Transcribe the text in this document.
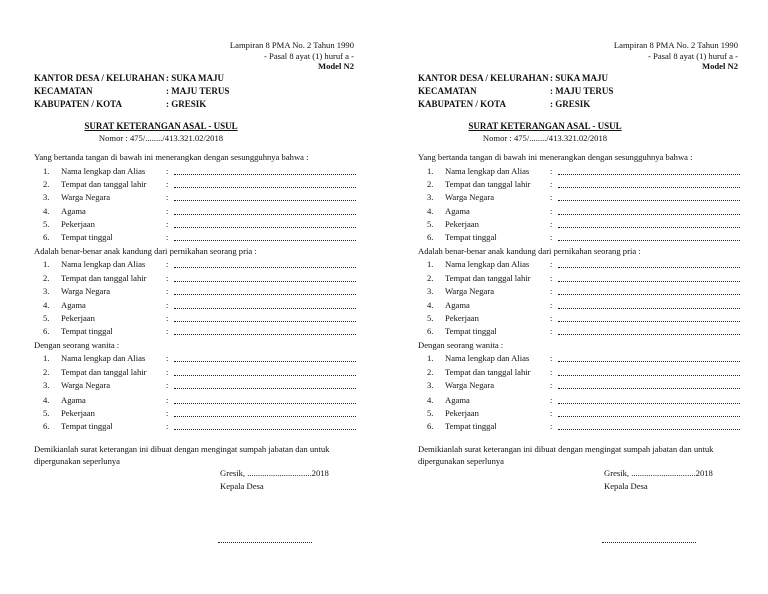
Lampiran 8 PMA No. 2 Tahun 1990
- Pasal 8 ayat (1) huruf a -
Model N2
KANTOR DESA / KELURAHAN: SUKA MAJU
KECAMATAN	: MAJU TERUS
KABUPATEN / KOTA	: GRESIK
SURAT KETERANGAN ASAL - USUL
Nomor : 475/......../413.321.02/2018
Yang bertanda tangan di bawah ini menerangkan dengan sesungguhnya bahwa :
1. Nama lengkap dan Alias :
2. Tempat dan tanggal lahir :
3. Warga Negara	:
4. Agama	:
5. Pekerjaan	:
6. Tempat tinggal	:
Adalah benar-benar anak kandung dari pernikahan seorang pria :
1. Nama lengkap dan Alias :
2. Tempat dan tanggal lahir :
3. Warga Negara	:
4. Agama	:
5. Pekerjaan	:
6. Tempat tinggal	:
Dengan seorang wanita :
1. Nama lengkap dan Alias :
2. Tempat dan tanggal lahir :
3. Warga Negara	:
4. Agama	:
5. Pekerjaan	:
6. Tempat tinggal	:
Demikianlah surat keterangan ini dibuat dengan mengingat sumpah jabatan dan untuk dipergunakan seperlunya
Gresik, ..............................2018
Kepala Desa
Lampiran 8 PMA No. 2 Tahun 1990
- Pasal 8 ayat (1) huruf a -
Model N2
KANTOR DESA / KELURAHAN: SUKA MAJU
KECAMATAN	: MAJU TERUS
KABUPATEN / KOTA	: GRESIK
SURAT KETERANGAN ASAL - USUL
Nomor : 475/......../413.321.02/2018
Yang bertanda tangan di bawah ini menerangkan dengan sesungguhnya bahwa :
1. Nama lengkap dan Alias :
2. Tempat dan tanggal lahir :
3. Warga Negara	:
4. Agama	:
5. Pekerjaan	:
6. Tempat tinggal	:
Adalah benar-benar anak kandung dari pernikahan seorang pria :
1. Nama lengkap dan Alias :
2. Tempat dan tanggal lahir :
3. Warga Negara	:
4. Agama	:
5. Pekerjaan	:
6. Tempat tinggal	:
Dengan seorang wanita :
1. Nama lengkap dan Alias :
2. Tempat dan tanggal lahir :
3. Warga Negara	:
4. Agama	:
5. Pekerjaan	:
6. Tempat tinggal	:
Demikianlah surat keterangan ini dibuat dengan mengingat sumpah jabatan dan untuk dipergunakan seperlunya
Gresik, ..............................2018
Kepala Desa
